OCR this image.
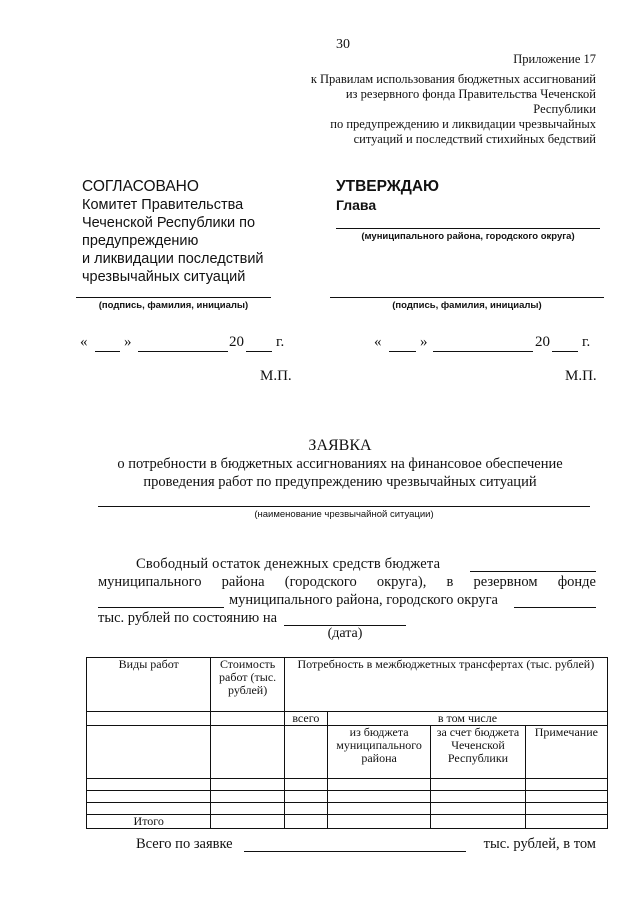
30
Приложение 17
к Правилам использования бюджетных ассигнований
из резервного фонда Правительства Чеченской Республики
по предупреждению и ликвидации чрезвычайных
ситуаций и последствий стихийных бедствий
СОГЛАСОВАНО
Комитет Правительства
Чеченской Республики по
предупреждению
и ликвидации последствий
чрезвычайных ситуаций
УТВЕРЖДАЮ
Глава
(муниципального района, городского округа)
(подпись, фамилия, инициалы)	(подпись, фамилия, инициалы)
« »	20 г.
М.П.
«	»	20 г.
М.П.
ЗАЯВКА
о потребности в бюджетных ассигнованиях на финансовое обеспечение
проведения работ по предупреждению чрезвычайных ситуаций
(наименование чрезвычайной ситуации)
Свободный остаток денежных средств бюджета
муниципального района (городского округа), в резервном фонде
муниципального района, городского округа
тыс. рублей по состоянию на
(дата)
Виды работ	Стоимость работ (тыс. рублей)	Потребность в межбюджетных трансфертах (тыс. рублей)			
		всего	в том числе		
			из бюджета муниципального района	за счет бюджета Чеченской Республики	Примечание

Итого					
Всего по заявке	тыс. рублей, в том
